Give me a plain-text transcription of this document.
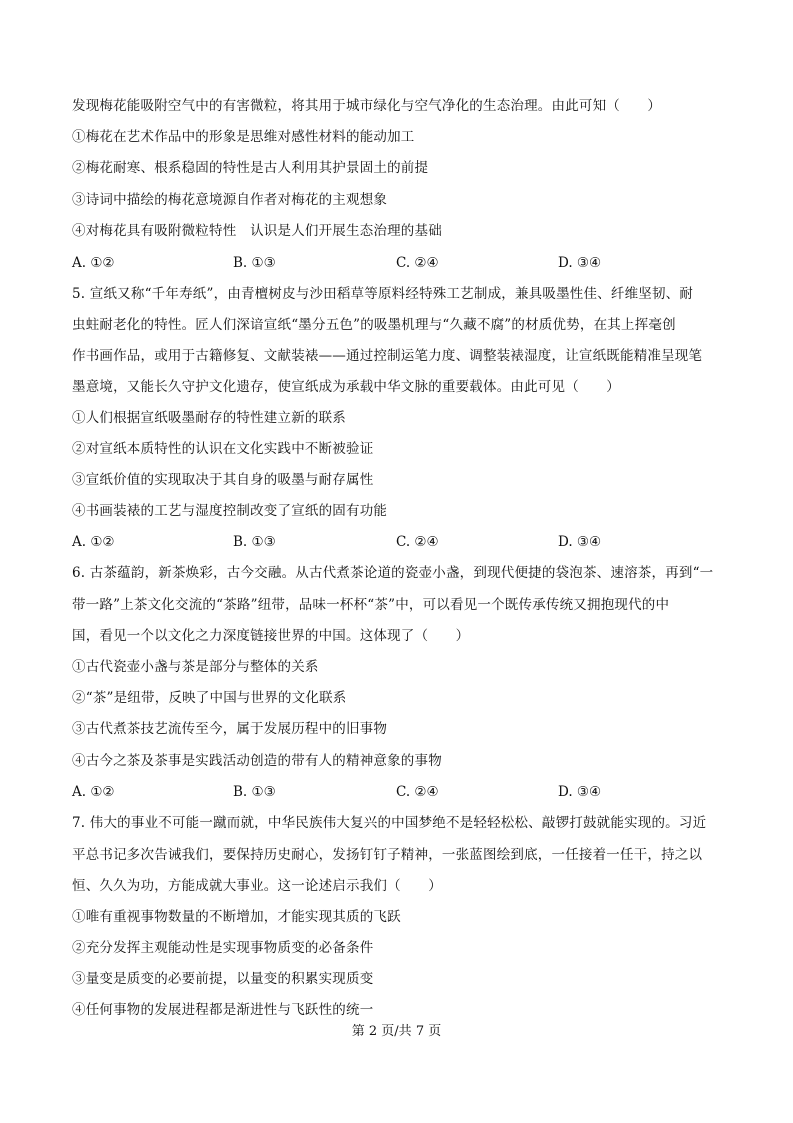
发现梅花能吸附空气中的有害微粒，将其用于城市绿化与空气净化的生态治理。由此可知（　　）
①梅花在艺术作品中的形象是思维对感性材料的能动加工
②梅花耐寒、根系稳固的特性是古人利用其护景固土的前提
③诗词中描绘的梅花意境源自作者对梅花的主观想象
④对梅花具有吸附微粒特性　认识是人们开展生态治理的基础
A. ①②	B. ①③	C. ②④	D. ③④
5. 宣纸又称“千年寿纸”，由青檀树皮与沙田稻草等原料经特殊工艺制成，兼具吸墨性佳、纤维坚韧、耐
虫蛀耐老化的特性。匠人们深谙宣纸“墨分五色”的吸墨机理与“久藏不腐”的材质优势，在其上挥毫创
作书画作品，或用于古籍修复、文献装裱——通过控制运笔力度、调整装裱湿度，让宣纸既能精准呈现笔
墨意境，又能长久守护文化遗存，使宣纸成为承载中华文脉的重要载体。由此可见（　　）
①人们根据宣纸吸墨耐存的特性建立新的联系
②对宣纸本质特性的认识在文化实践中不断被验证
③宣纸价值的实现取决于其自身的吸墨与耐存属性
④书画装裱的工艺与湿度控制改变了宣纸的固有功能
A. ①②	B. ①③	C. ②④	D. ③④
6. 古茶蕴韵，新茶焕彩，古今交融。从古代煮茶论道的瓷壶小盏，到现代便捷的袋泡茶、速溶茶，再到“一
带一路”上茶文化交流的“茶路”纽带，品味一杯杯“茶”中，可以看见一个既传承传统又拥抱现代的中
国，看见一个以文化之力深度链接世界的中国。这体现了（　　）
①古代瓷壶小盏与茶是部分与整体的关系
②“茶”是纽带，反映了中国与世界的文化联系
③古代煮茶技艺流传至今，属于发展历程中的旧事物
④古今之茶及茶事是实践活动创造的带有人的精神意象的事物
A. ①②	B. ①③	C. ②④	D. ③④
7. 伟大的事业不可能一蹴而就，中华民族伟大复兴的中国梦绝不是轻轻松松、敲锣打鼓就能实现的。习近
平总书记多次告诫我们，要保持历史耐心，发扬钉钉子精神，一张蓝图绘到底，一任接着一任干，持之以
恒、久久为功，方能成就大事业。这一论述启示我们（　　）
①唯有重视事物数量的不断增加，才能实现其质的飞跃
②充分发挥主观能动性是实现事物质变的必备条件
③量变是质变的必要前提，以量变的积累实现质变
④任何事物的发展进程都是渐进性与飞跃性的统一
第 2 页/共 7 页
